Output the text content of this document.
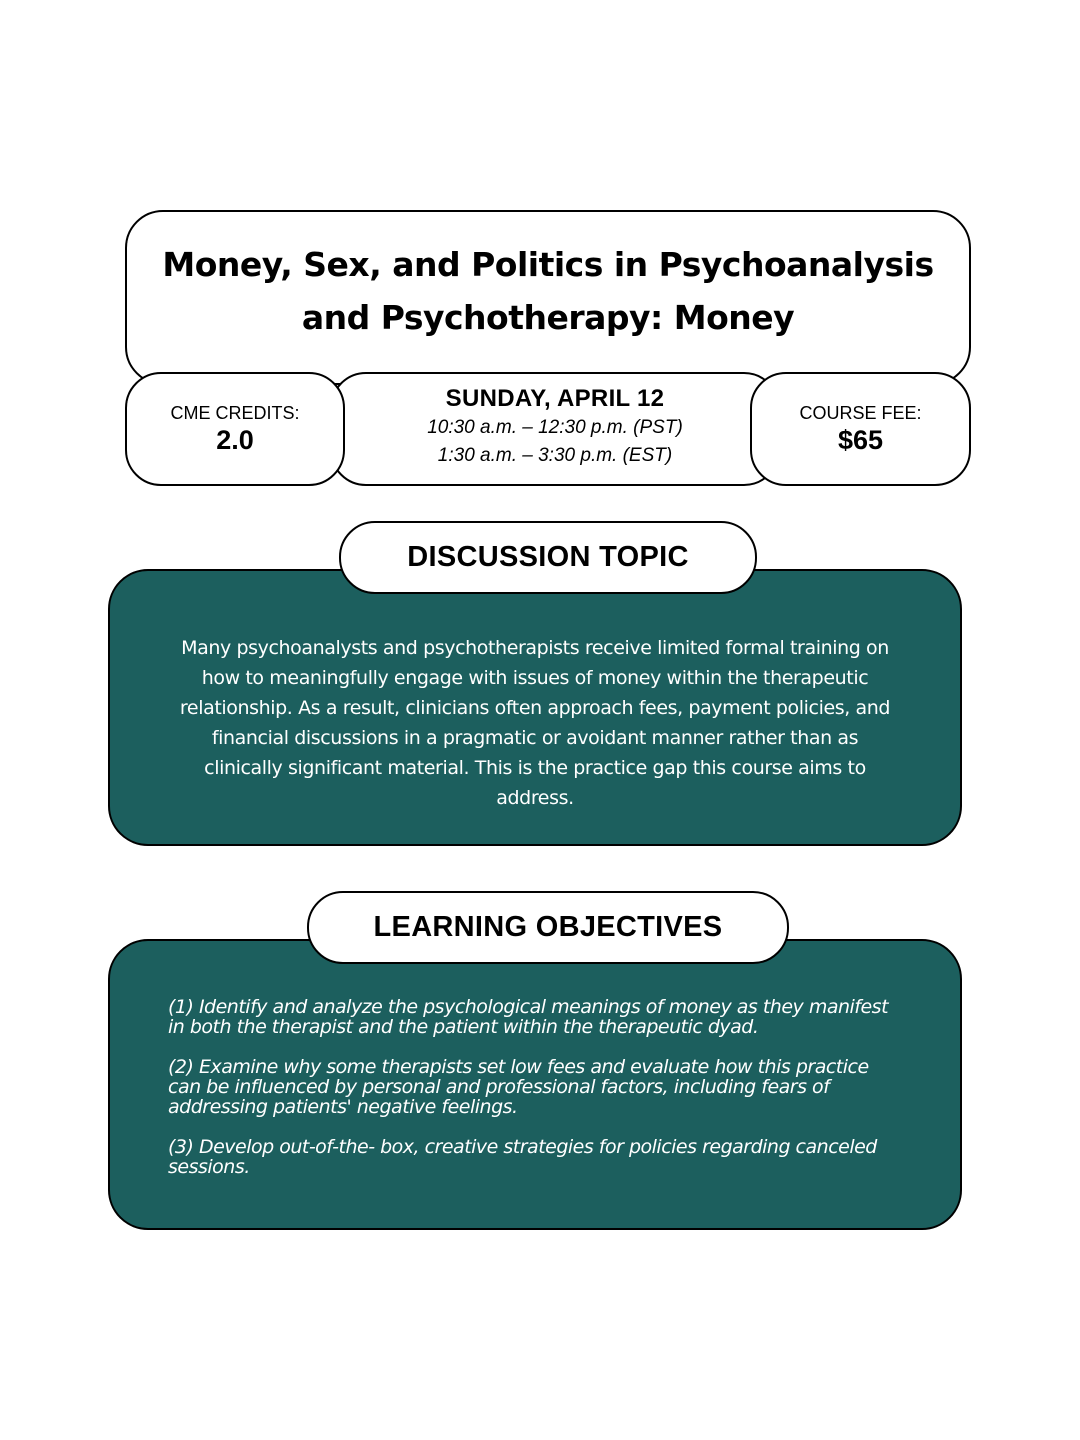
Money, Sex, and Politics in Psychoanalysis
and Psychotherapy: Money
CME CREDITS:
2.0
SUNDAY, APRIL 12
10:30 a.m. – 12:30 p.m. (PST)
1:30 a.m. – 3:30 p.m. (EST)
COURSE FEE:
$65

Many psychoanalysts and psychotherapists receive limited formal training on how to meaningfully engage with issues of money within the therapeutic relationship. As a result, clinicians often approach fees, payment policies, and financial discussions in a pragmatic or avoidant manner rather than as clinically significant material. This is the practice gap this course aims to address.

DISCUSSION TOPIC
(1) Identify and analyze the psychological meanings of money as they manifest in both the therapist and the patient within the therapeutic dyad.
(2) Examine why some therapists set low fees and evaluate how this practice can be influenced by personal and professional factors, including fears of addressing patients' negative feelings.
(3) Develop out-of-the- box, creative strategies for policies regarding canceled sessions.
LEARNING OBJECTIVES
